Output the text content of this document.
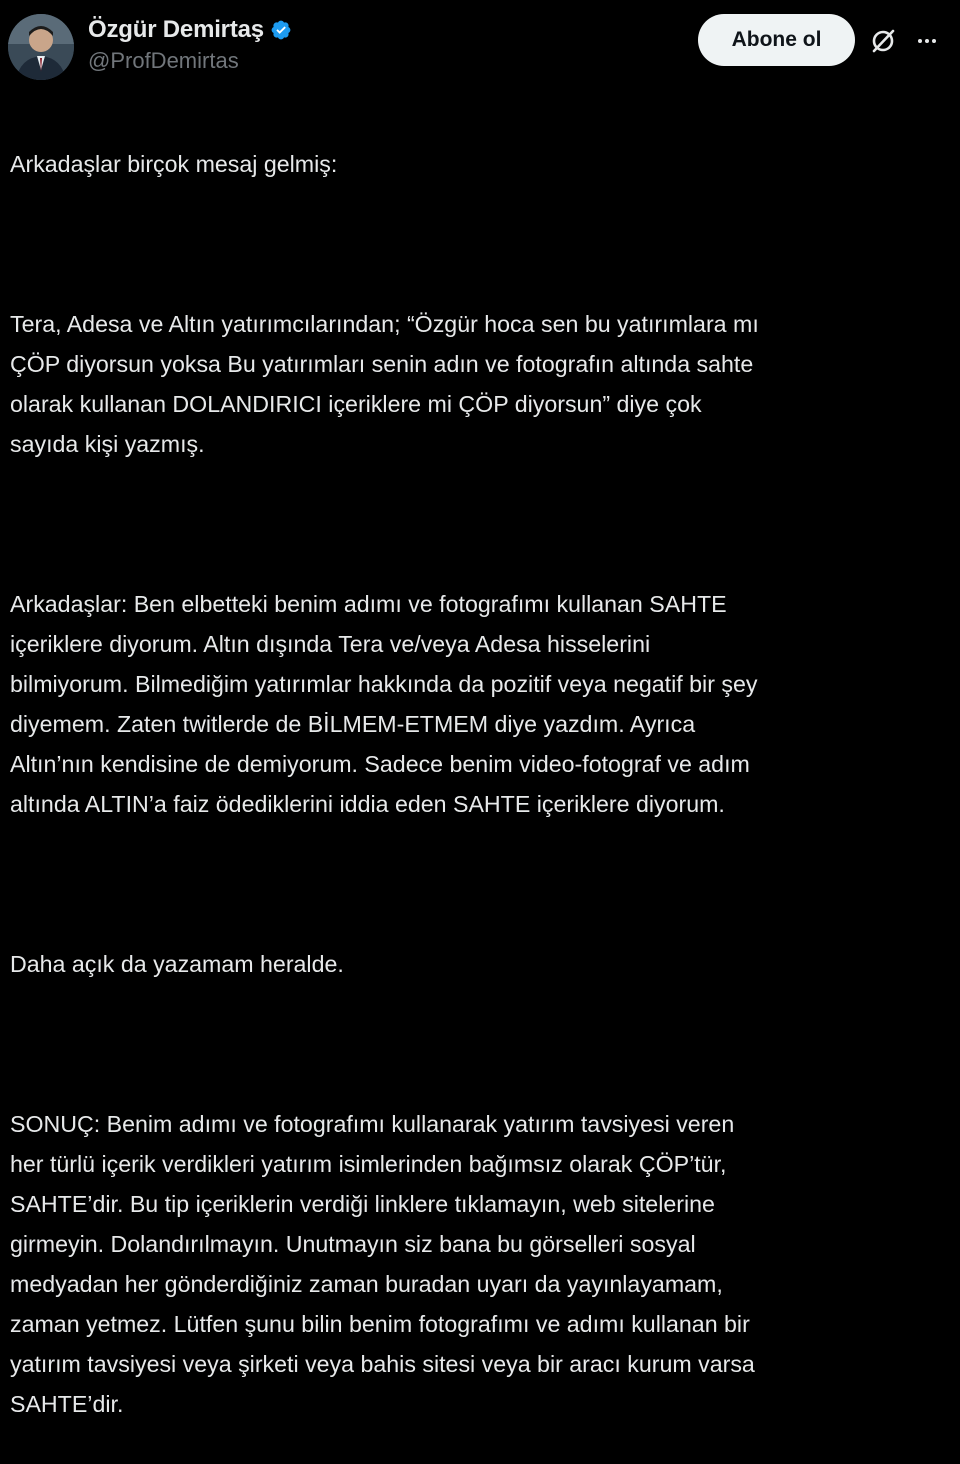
Özgür Demirtaş
@ProfDemirtas
Abone ol

Arkadaşlar birçok mesaj gelmiş:

Tera, Adesa ve Altın yatırımcılarından; “Özgür hoca sen bu yatırımlara mı
ÇÖP diyorsun yoksa Bu yatırımları senin adın ve fotografın altında sahte
olarak kullanan DOLANDIRICI içeriklere mi ÇÖP diyorsun” diye çok
sayıda kişi yazmış.

Arkadaşlar: Ben elbetteki benim adımı ve fotografımı kullanan SAHTE
içeriklere diyorum. Altın dışında Tera ve/veya Adesa hisselerini
bilmiyorum. Bilmediğim yatırımlar hakkında da pozitif veya negatif bir şey
diyemem. Zaten twitlerde de BİLMEM-ETMEM diye yazdım. Ayrıca
Altın’nın kendisine de demiyorum. Sadece benim video-fotograf ve adım
altında ALTIN’a faiz ödediklerini iddia eden SAHTE içeriklere diyorum.

Daha açık da yazamam heralde.

SONUÇ: Benim adımı ve fotografımı kullanarak yatırım tavsiyesi veren
her türlü içerik verdikleri yatırım isimlerinden bağımsız olarak ÇÖP’tür,
SAHTE’dir. Bu tip içeriklerin verdiği linklere tıklamayın, web sitelerine
girmeyin. Dolandırılmayın. Unutmayın siz bana bu görselleri sosyal
medyadan her gönderdiğiniz zaman buradan uyarı da yayınlayamam,
zaman yetmez. Lütfen şunu bilin benim fotografımı ve adımı kullanan bir
yatırım tavsiyesi veya şirketi veya bahis sitesi veya bir aracı kurum varsa
SAHTE’dir.
